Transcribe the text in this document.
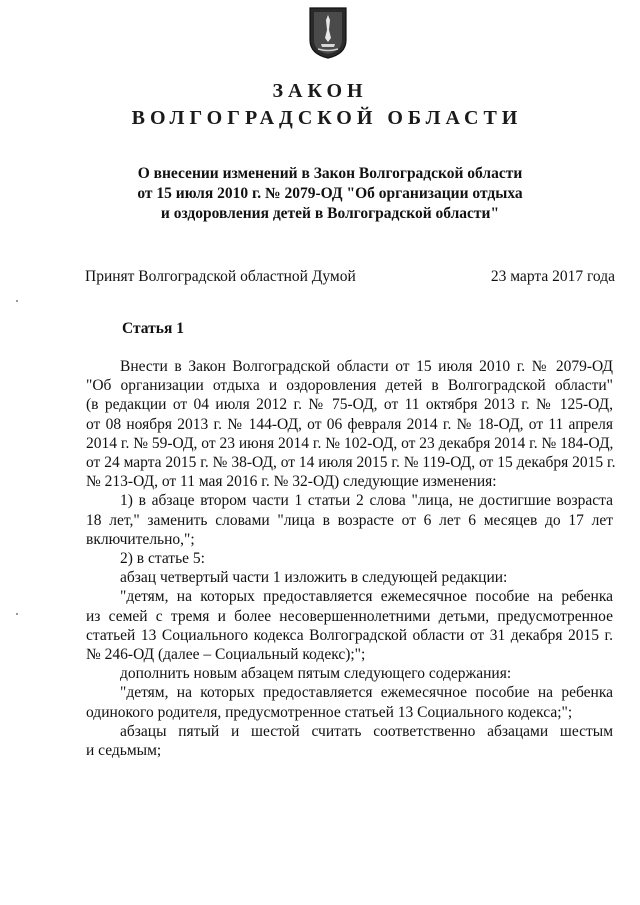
ЗАКОН
ВОЛГОГРАДСКОЙ ОБЛАСТИ
О внесении изменений в Закон Волгоградской области
от 15 июля 2010 г. № 2079-ОД "Об организации отдыха
и оздоровления детей в Волгоградской области"
Принят Волгоградской областной Думой	23 марта 2017 года
Статья 1

Внести в Закон Волгоградской области от 15 июля 2010 г. № 2079-ОД

"Об организации отдыха и оздоровления детей в Волгоградской области"

(в редакции от 04 июля 2012 г. № 75-ОД, от 11 октября 2013 г. № 125-ОД,

от 08 ноября 2013 г. № 144-ОД, от 06 февраля 2014 г. № 18-ОД, от 11 апреля

2014 г. № 59-ОД, от 23 июня 2014 г. № 102-ОД, от 23 декабря 2014 г. № 184-ОД,

от 24 марта 2015 г. № 38-ОД, от 14 июля 2015 г. № 119-ОД, от 15 декабря 2015 г.

№ 213-ОД, от 11 мая 2016 г. № 32-ОД) следующие изменения:

1) в абзаце втором части 1 статьи 2 слова "лица, не достигшие возраста

18 лет," заменить словами "лица в возрасте от 6 лет 6 месяцев до 17 лет

включительно,";

2) в статье 5:

абзац четвертый части 1 изложить в следующей редакции:

"детям, на которых предоставляется ежемесячное пособие на ребенка

из семей с тремя и более несовершеннолетними детьми, предусмотренное

статьей 13 Социального кодекса Волгоградской области от 31 декабря 2015 г.

№ 246-ОД (далее – Социальный кодекс);";

дополнить новым абзацем пятым следующего содержания:

"детям, на которых предоставляется ежемесячное пособие на ребенка

одинокого родителя, предусмотренное статьей 13 Социального кодекса;";

абзацы пятый и шестой считать соответственно абзацами шестым

и седьмым;
